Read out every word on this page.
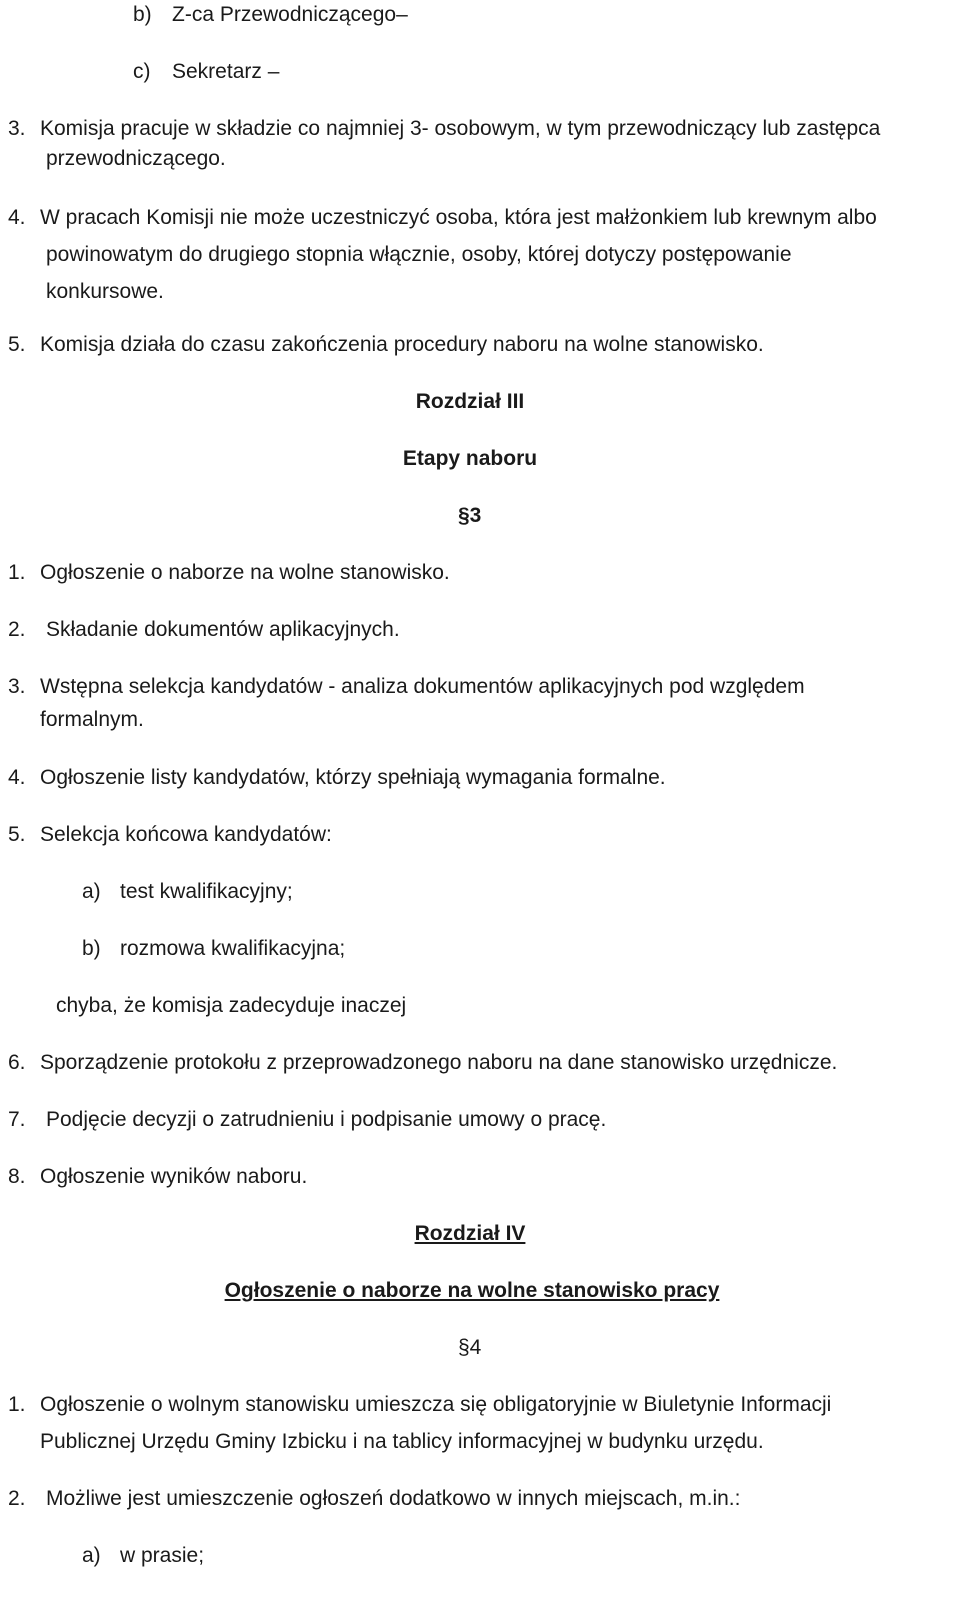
b) Z-ca Przewodniczącego–
c) Sekretarz –
3. Komisja pracuje w składzie co najmniej 3- osobowym, w tym przewodniczący lub zastępca
przewodniczącego.
4. W pracach Komisji nie może uczestniczyć osoba, która jest małżonkiem lub krewnym albo
powinowatym do drugiego stopnia włącznie, osoby, której dotyczy postępowanie
konkursowe.
5. Komisja działa do czasu zakończenia procedury naboru na wolne stanowisko.
Rozdział III
Etapy naboru
§3
1. Ogłoszenie o naborze na wolne stanowisko.
2. Składanie dokumentów aplikacyjnych.
3. Wstępna selekcja kandydatów - analiza dokumentów aplikacyjnych pod względem
formalnym.
4. Ogłoszenie listy kandydatów, którzy spełniają wymagania formalne.
5. Selekcja końcowa kandydatów:
a) test kwalifikacyjny;
b) rozmowa kwalifikacyjna;
chyba, że komisja zadecyduje inaczej
6. Sporządzenie protokołu z przeprowadzonego naboru na dane stanowisko urzędnicze.
7. Podjęcie decyzji o zatrudnieniu i podpisanie umowy o pracę.
8. Ogłoszenie wyników naboru.
Rozdział IV
Ogłoszenie o naborze na wolne stanowisko pracy
§4
1. Ogłoszenie o wolnym stanowisku umieszcza się obligatoryjnie w Biuletynie Informacji
Publicznej Urzędu Gminy Izbicku i na tablicy informacyjnej w budynku urzędu.
2. Możliwe jest umieszczenie ogłoszeń dodatkowo w innych miejscach, m.in.:
a) w prasie;
